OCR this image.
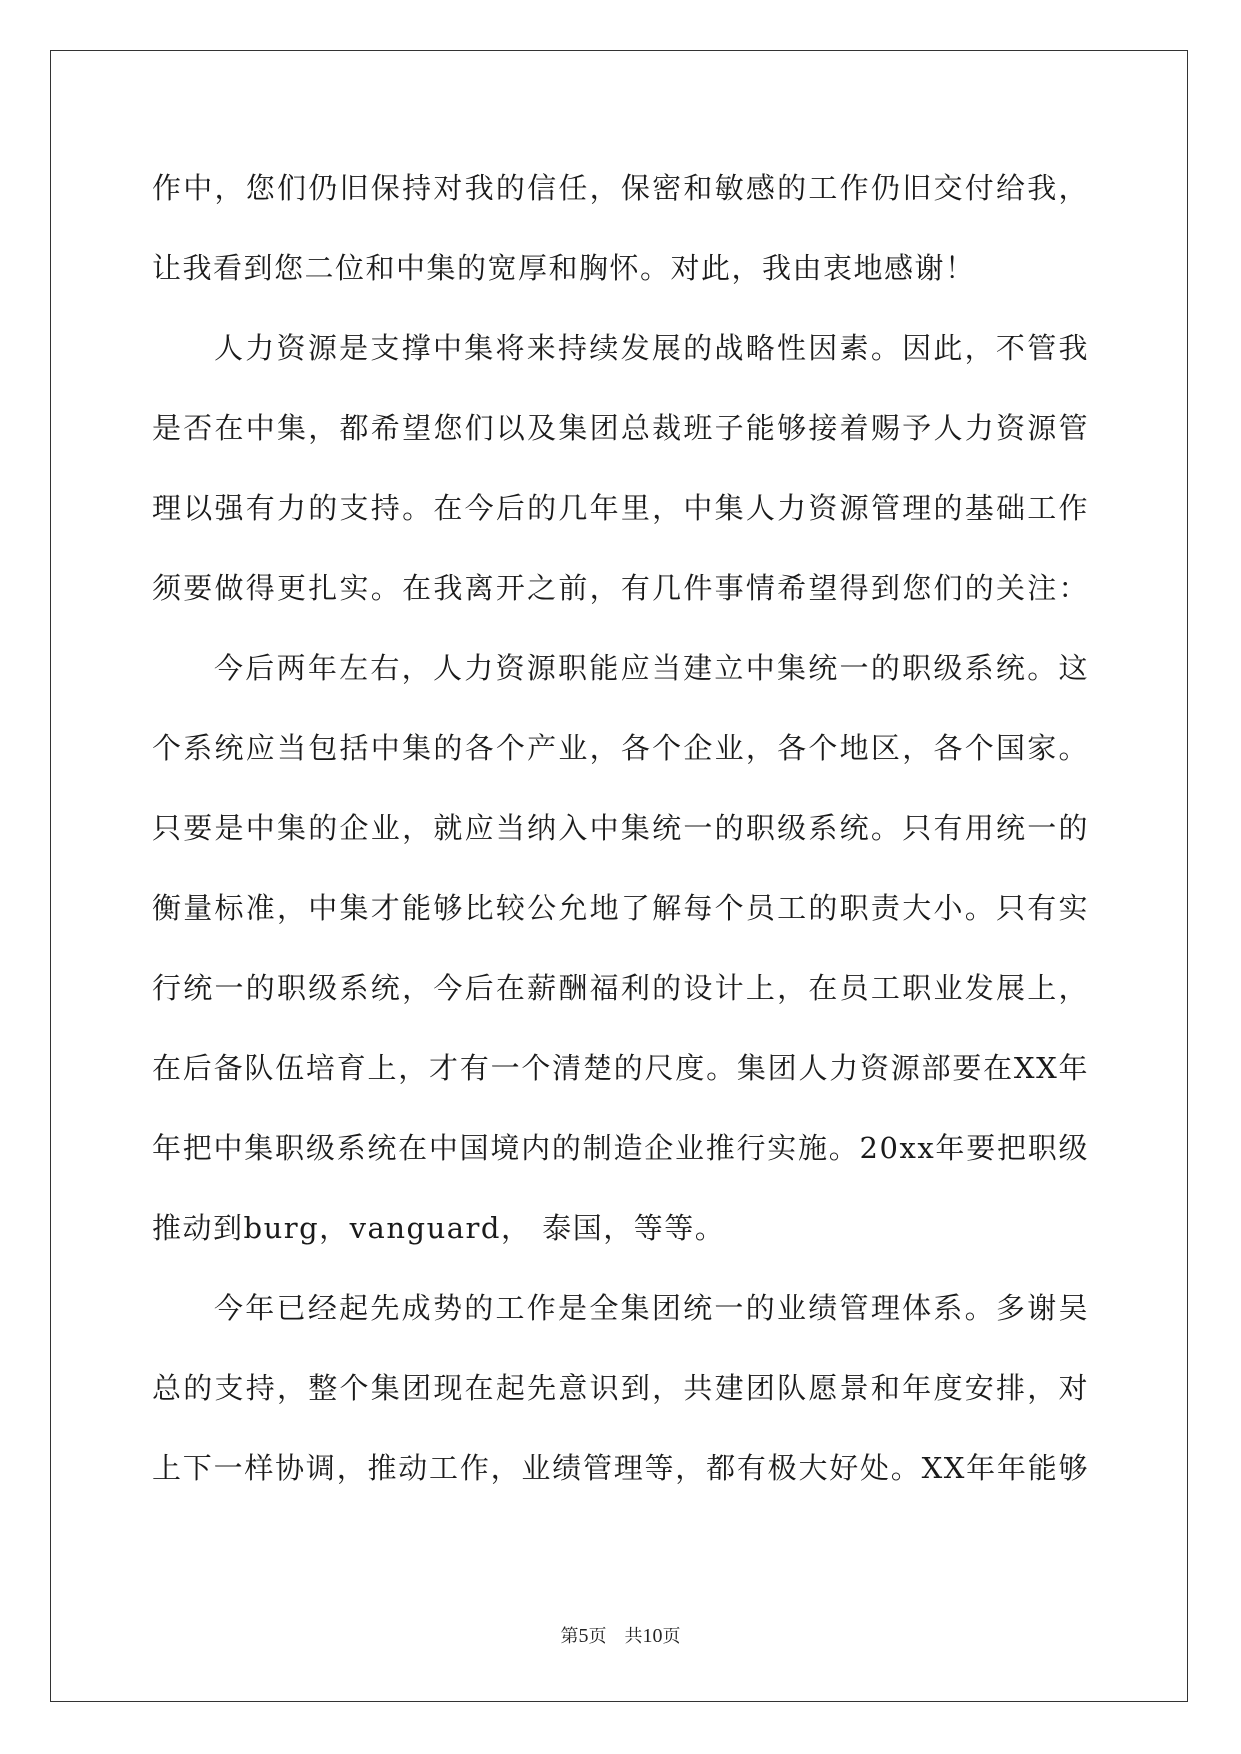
作中，您们仍旧保持对我的信任，保密和敏感的工作仍旧交付给我，
让我看到您二位和中集的宽厚和胸怀。对此，我由衷地感谢！
人力资源是支撑中集将来持续发展的战略性因素。因此，不管我
是否在中集，都希望您们以及集团总裁班子能够接着赐予人力资源管
理以强有力的支持。在今后的几年里，中集人力资源管理的基础工作
须要做得更扎实。在我离开之前，有几件事情希望得到您们的关注：
今后两年左右，人力资源职能应当建立中集统一的职级系统。这
个系统应当包括中集的各个产业，各个企业，各个地区，各个国家。
只要是中集的企业，就应当纳入中集统一的职级系统。只有用统一的
衡量标准，中集才能够比较公允地了解每个员工的职责大小。只有实
行统一的职级系统，今后在薪酬福利的设计上，在员工职业发展上，
在后备队伍培育上，才有一个清楚的尺度。集团人力资源部要在XX年
年把中集职级系统在中国境内的制造企业推行实施。20xx年要把职级
推动到burg，vanguard， 泰国，等等。
今年已经起先成势的工作是全集团统一的业绩管理体系。多谢吴
总的支持，整个集团现在起先意识到，共建团队愿景和年度安排，对
上下一样协调，推动工作，业绩管理等，都有极大好处。XX年年能够
第5页　共10页
